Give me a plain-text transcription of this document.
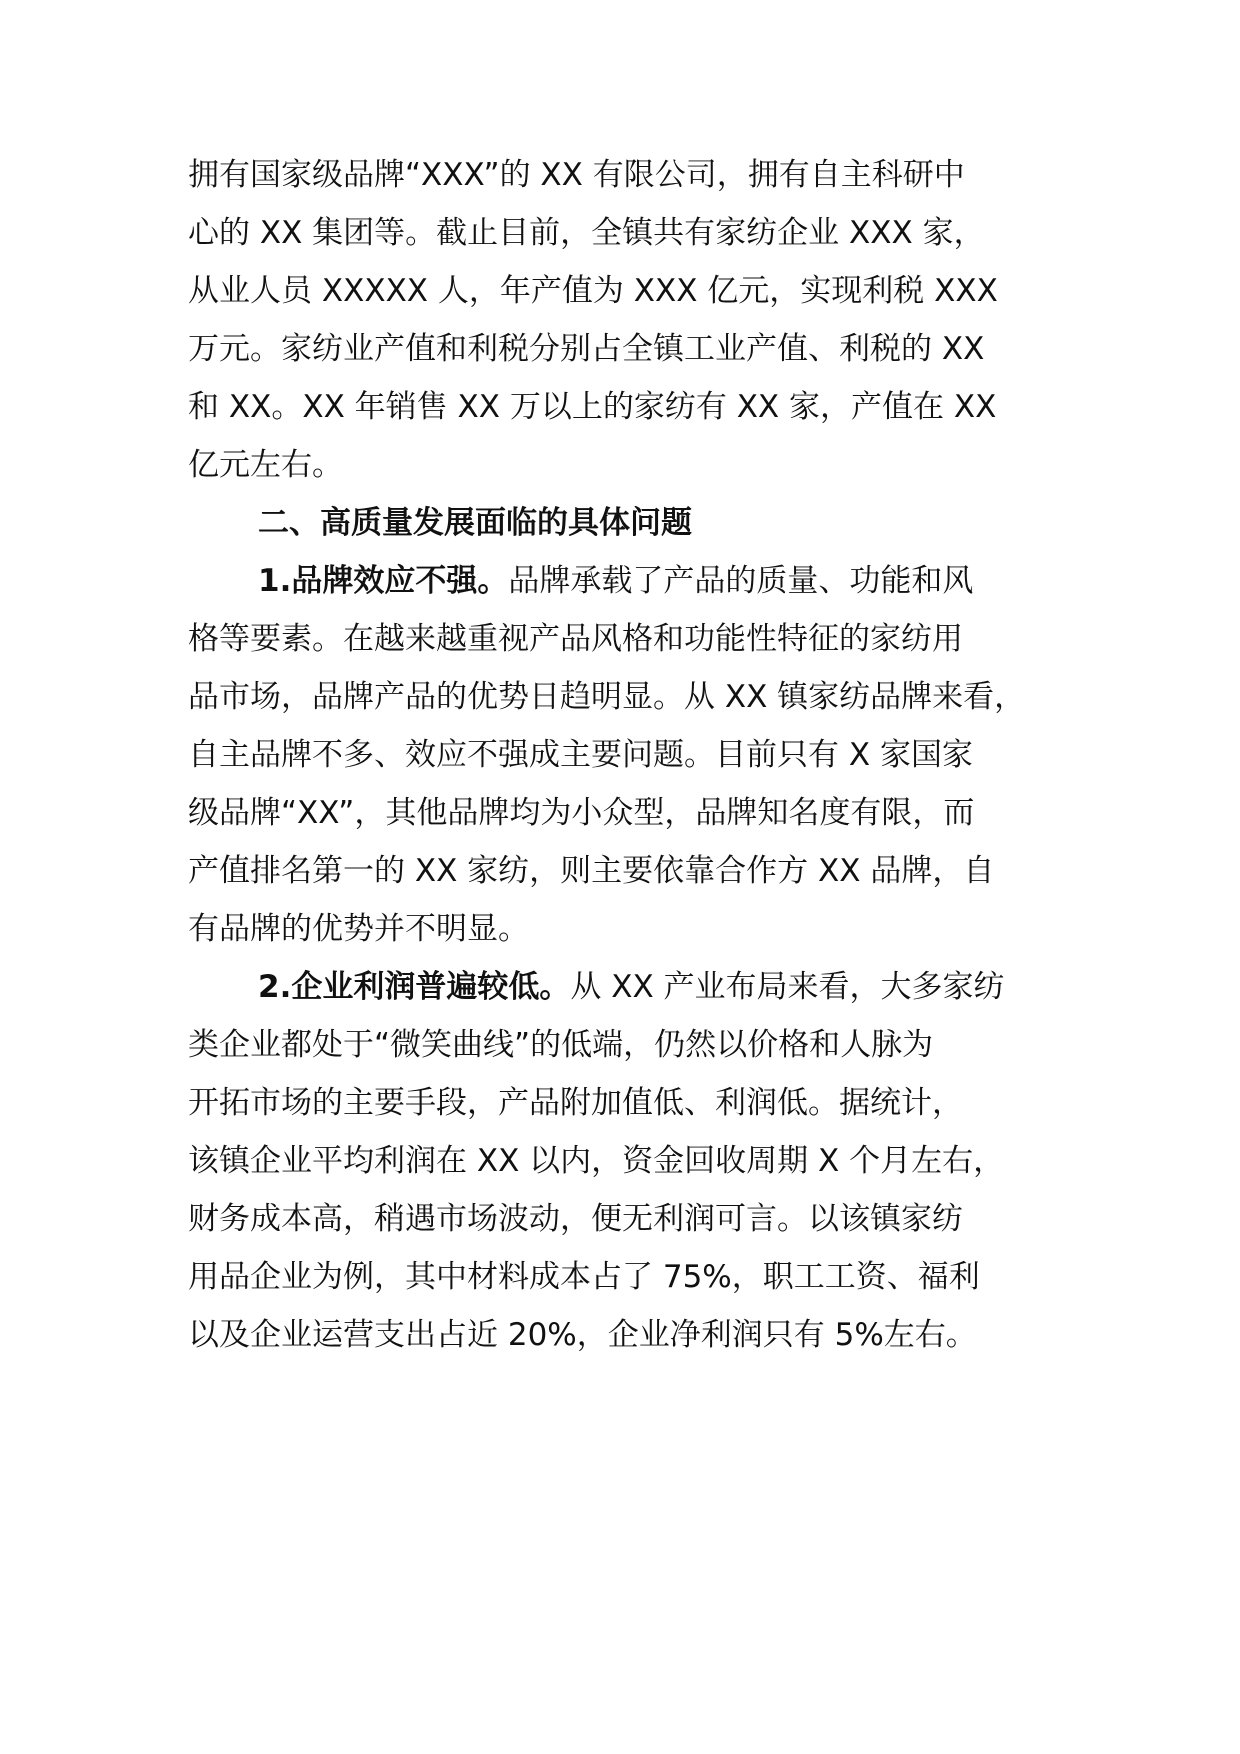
拥有国家级品牌“XXX”的 XX 有限公司，拥有自主科研中
心的 XX 集团等。截止目前，全镇共有家纺企业 XXX 家，
从业人员 XXXXX 人，年产值为 XXX 亿元，实现利税 XXX
万元。家纺业产值和利税分别占全镇工业产值、利税的 XX
和 XX。XX 年销售 XX 万以上的家纺有 XX 家，产值在 XX
亿元左右。
二、高质量发展面临的具体问题
1.品牌效应不强。品牌承载了产品的质量、功能和风
格等要素。在越来越重视产品风格和功能性特征的家纺用
品市场，品牌产品的优势日趋明显。从 XX 镇家纺品牌来看，
自主品牌不多、效应不强成主要问题。目前只有 X 家国家
级品牌“XX”，其他品牌均为小众型，品牌知名度有限，而
产值排名第一的 XX 家纺，则主要依靠合作方 XX 品牌，自
有品牌的优势并不明显。
2.企业利润普遍较低。从 XX 产业布局来看，大多家纺
类企业都处于“微笑曲线”的低端，仍然以价格和人脉为
开拓市场的主要手段，产品附加值低、利润低。据统计，
该镇企业平均利润在 XX 以内，资金回收周期 X 个月左右，
财务成本高，稍遇市场波动，便无利润可言。以该镇家纺
用品企业为例，其中材料成本占了 75%，职工工资、福利
以及企业运营支出占近 20%，企业净利润只有 5%左右。
